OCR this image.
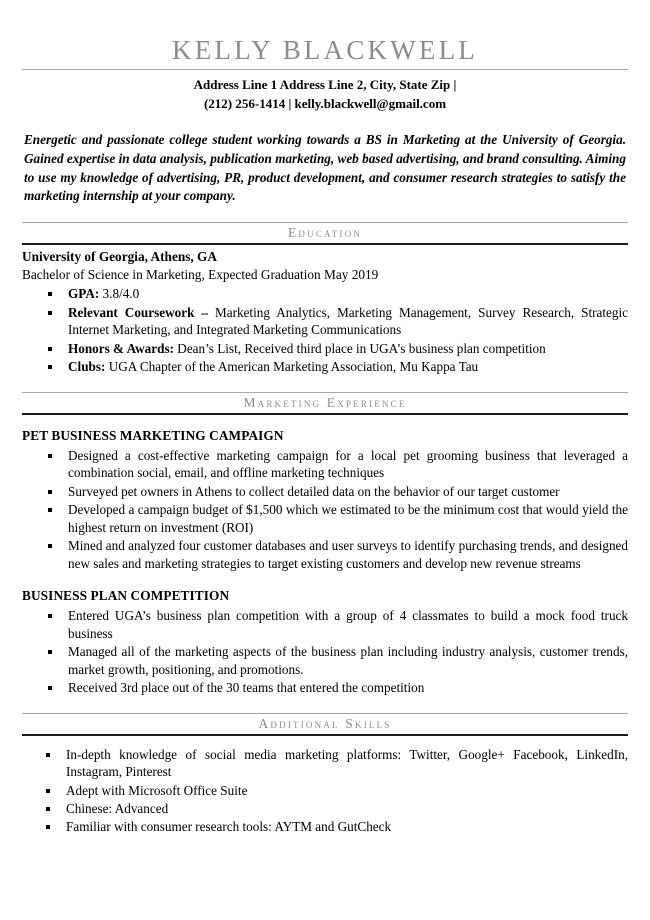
KELLY BLACKWELL
Address Line 1 Address Line 2, City, State Zip |
(212) 256-1414 | kelly.blackwell@gmail.com
Energetic and passionate college student working towards a BS in Marketing at the University of Georgia. Gained expertise in data analysis, publication marketing, web based advertising, and brand consulting. Aiming to use my knowledge of advertising, PR, product development, and consumer research strategies to satisfy the marketing internship at your company.
Education
University of Georgia, Athens, GA
Bachelor of Science in Marketing, Expected Graduation May 2019
GPA: 3.8/4.0
Relevant Coursework – Marketing Analytics, Marketing Management, Survey Research, Strategic Internet Marketing, and Integrated Marketing Communications
Honors & Awards: Dean’s List, Received third place in UGA’s business plan competition
Clubs: UGA Chapter of the American Marketing Association, Mu Kappa Tau
Marketing Experience
PET BUSINESS MARKETING CAMPAIGN
Designed a cost-effective marketing campaign for a local pet grooming business that leveraged a combination social, email, and offline marketing techniques
Surveyed pet owners in Athens to collect detailed data on the behavior of our target customer
Developed a campaign budget of $1,500 which we estimated to be the minimum cost that would yield the highest return on investment (ROI)
Mined and analyzed four customer databases and user surveys to identify purchasing trends, and designed new sales and marketing strategies to target existing customers and develop new revenue streams
BUSINESS PLAN COMPETITION
Entered UGA’s business plan competition with a group of 4 classmates to build a mock food truck business
Managed all of the marketing aspects of the business plan including industry analysis, customer trends, market growth, positioning, and promotions.
Received 3rd place out of the 30 teams that entered the competition
Additional Skills
In-depth knowledge of social media marketing platforms: Twitter, Google+ Facebook, LinkedIn, Instagram, Pinterest
Adept with Microsoft Office Suite
Chinese: Advanced
Familiar with consumer research tools: AYTM and GutCheck
